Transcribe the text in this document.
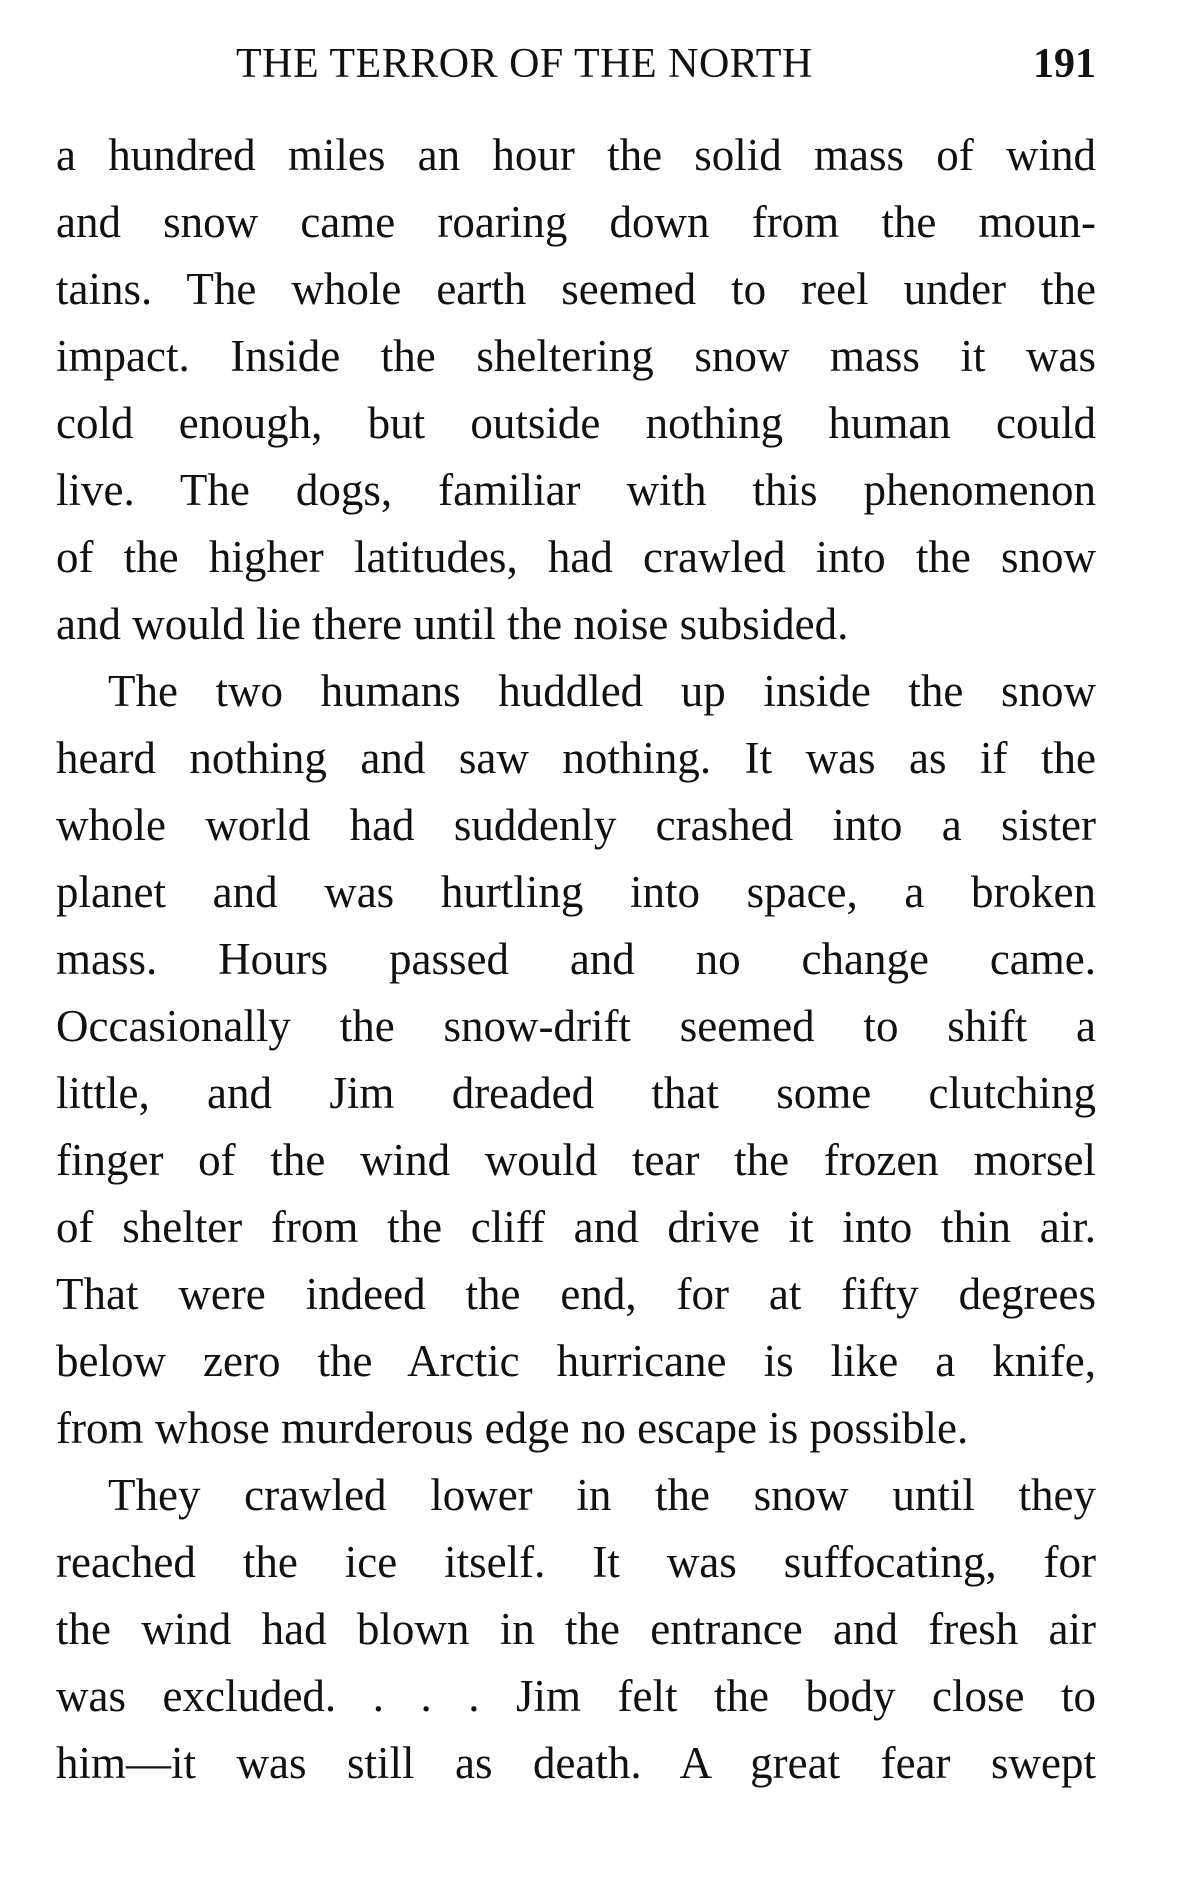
THE TERROR OF THE NORTH	191
a hundred miles an hour the solid mass of wind
and snow came roaring down from the moun-
tains. The whole earth seemed to reel under the
impact. Inside the sheltering snow mass it was
cold enough, but outside nothing human could
live. The dogs, familiar with this phenomenon
of the higher latitudes, had crawled into the snow
and would lie there until the noise subsided.
The two humans huddled up inside the snow
heard nothing and saw nothing. It was as if the
whole world had suddenly crashed into a sister
planet and was hurtling into space, a broken
mass. Hours passed and no change came.
Occasionally the snow-drift seemed to shift a
little, and Jim dreaded that some clutching
finger of the wind would tear the frozen morsel
of shelter from the cliff and drive it into thin air.
That were indeed the end, for at fifty degrees
below zero the Arctic hurricane is like a knife,
from whose murderous edge no escape is possible.
They crawled lower in the snow until they
reached the ice itself. It was suffocating, for
the wind had blown in the entrance and fresh air
was excluded. . . . Jim felt the body close to
him—it was still as death. A great fear swept
